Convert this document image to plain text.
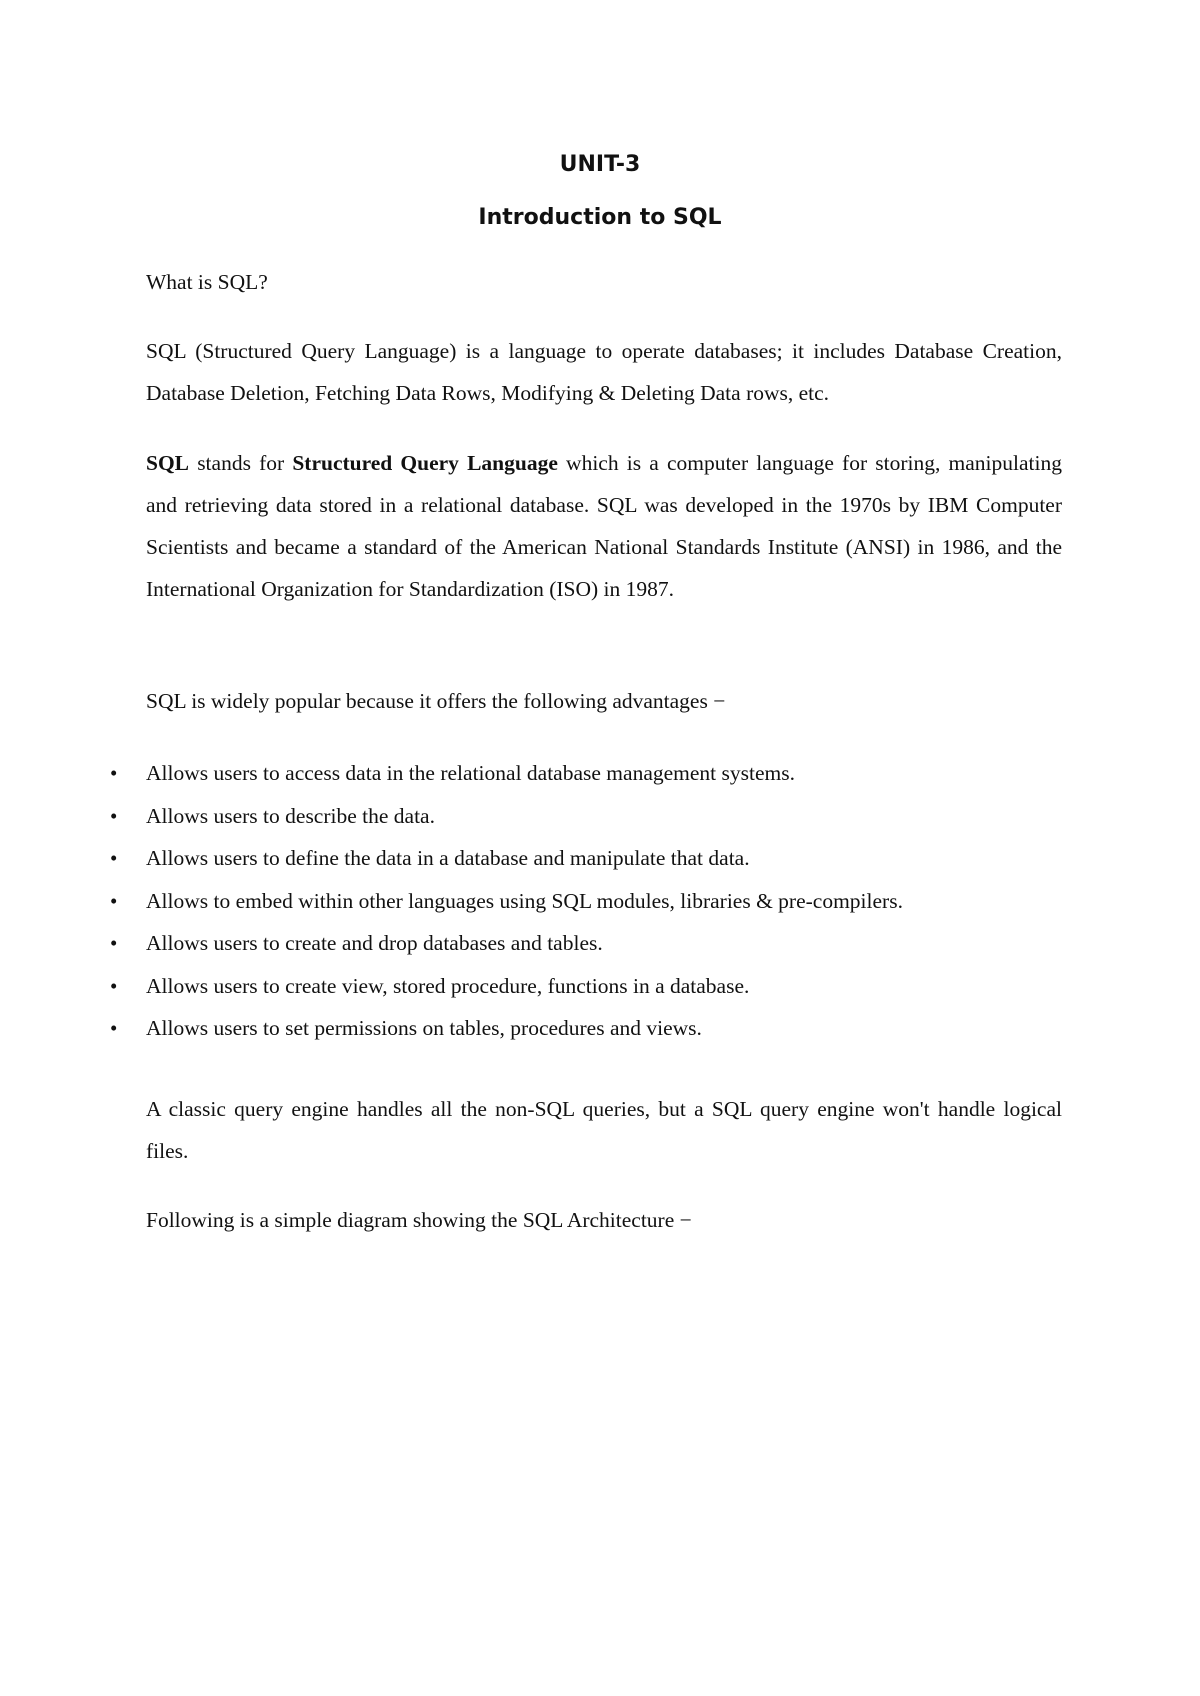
UNIT-3
Introduction to SQL

What is SQL?

SQL (Structured Query Language) is a language to operate databases; it includes Database Creation, Database Deletion, Fetching Data Rows, Modifying & Deleting Data rows, etc.

SQL stands for Structured Query Language which is a computer language for storing, manipulating and retrieving data stored in a relational database. SQL was developed in the 1970s by IBM Computer Scientists and became a standard of the American National Standards Institute (ANSI) in 1986, and the International Organization for Standardization (ISO) in 1987.

SQL is widely popular because it offers the following advantages −

• Allows users to access data in the relational database management systems.
• Allows users to describe the data.
• Allows users to define the data in a database and manipulate that data.
• Allows to embed within other languages using SQL modules, libraries & pre-compilers.
• Allows users to create and drop databases and tables.
• Allows users to create view, stored procedure, functions in a database.
• Allows users to set permissions on tables, procedures and views.

A classic query engine handles all the non-SQL queries, but a SQL query engine won't handle logical files.

Following is a simple diagram showing the SQL Architecture −
